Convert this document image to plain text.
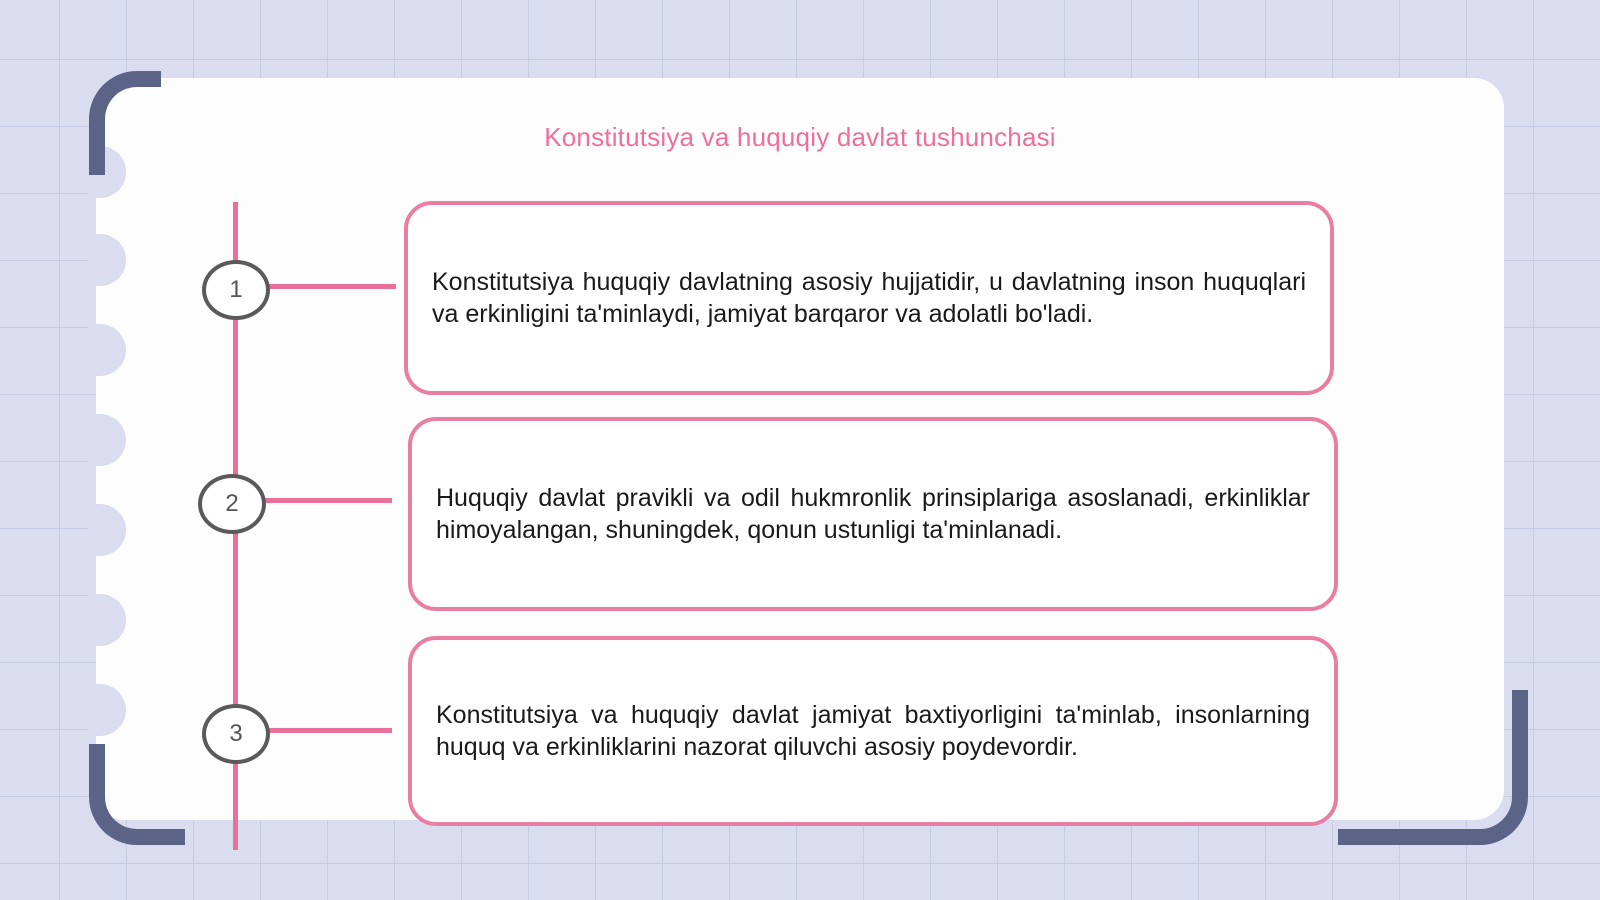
Konstitutsiya va huquqiy davlat tushunchasi
1
2
3
Konstitutsiya huquqiy davlatning asosiy hujjatidir, u davlatning inson huquqlari va erkinligini ta'minlaydi, jamiyat barqaror va adolatli bo'ladi.
Huquqiy davlat pravikli va odil hukmronlik prinsiplariga asoslanadi, erkinliklar himoyalangan, shuningdek, qonun ustunligi ta'minlanadi.
Konstitutsiya va huquqiy davlat jamiyat baxtiyorligini ta'minlab, insonlarning huquq va erkinliklarini nazorat qiluvchi asosiy poydevordir.
